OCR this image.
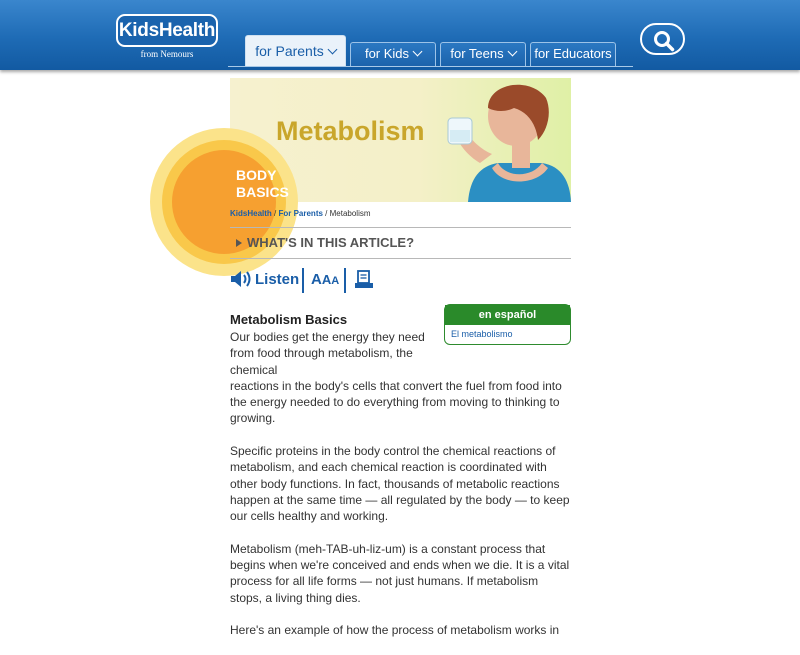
KidsHealth
from Nemours	for Parents	for Kids	for Teens	for Educators
Metabolism
BODY
BASICS
KidsHealth / For Parents / Metabolism
WHAT'S IN THIS ARTICLE?
Listen AAA
en español
El metabolismo
Metabolism Basics

Our bodies get the energy they need from food through metabolism, the chemical
reactions in the body's cells that convert the fuel from food into the energy needed to do everything from moving to thinking to growing.

Specific proteins in the body control the chemical reactions of metabolism, and each chemical reaction is coordinated with other body functions. In fact, thousands of metabolic reactions happen at the same time — all regulated by the body — to keep our cells healthy and working.

Metabolism (meh-TAB-uh-liz-um) is a constant process that begins when we're conceived and ends when we die. It is a vital process for all life forms — not just humans. If metabolism stops, a living thing dies.

Here's an example of how the process of metabolism works in
